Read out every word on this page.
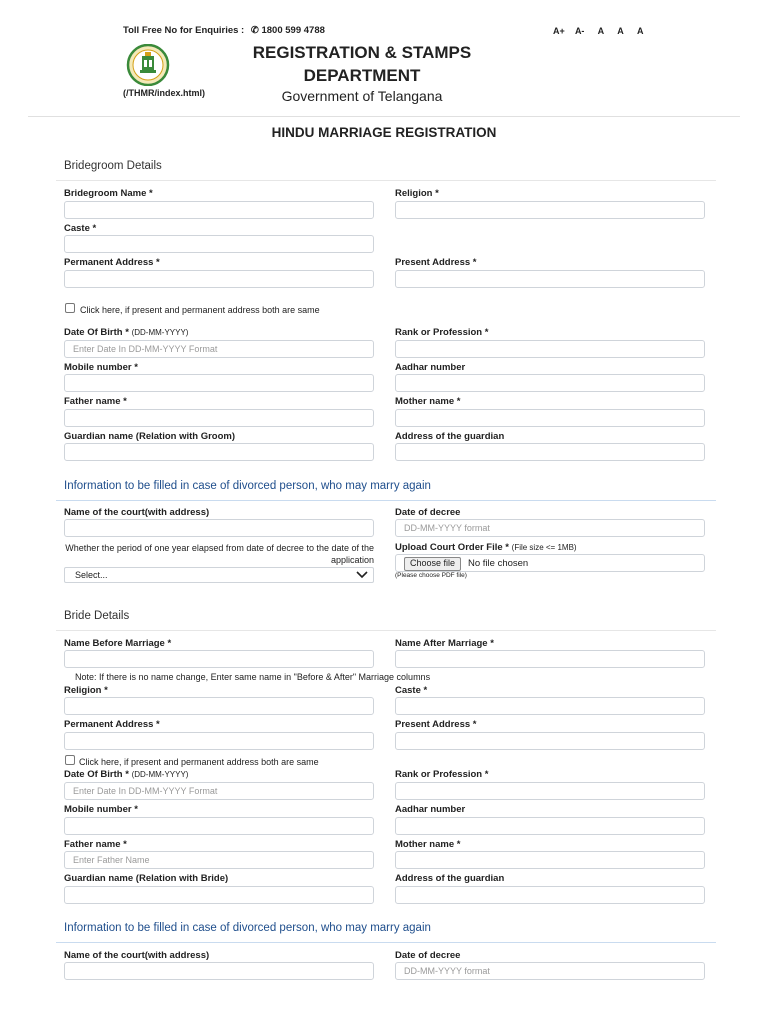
Toll Free No for Enquiries : ✆ 1800 599 4788	A+ A- A A A
(/THMR/index.html)
REGISTRATION & STAMPS
DEPARTMENT
Government of Telangana
HINDU MARRIAGE REGISTRATION
Bridegroom Details
Bridegroom Name *	Religion *
Caste *
Permanent Address *	Present Address *
Click here, if present and permanent address both are same
Date Of Birth * (DD-MM-YYYY)	Rank or Profession *
Enter Date In DD-MM-YYYY Format
Mobile number *	Aadhar number
Father name *	Mother name *
Guardian name (Relation with Groom)	Address of the guardian
Information to be filled in case of divorced person, who may marry again
Name of the court(with address)	Date of decree
DD-MM-YYYY format
Whether the period of one year elapsed from date of decree to the date of the application
Select...
Upload Court Order File * (File size <= 1MB)
Choose file	No file chosen
(Please choose PDF file)
Bride Details
Name Before Marriage *	Name After Marriage *
Note: If there is no name change, Enter same name in "Before & After" Marriage columns
Religion *	Caste *
Permanent Address *	Present Address *
Click here, if present and permanent address both are same
Date Of Birth * (DD-MM-YYYY)	Rank or Profession *
Enter Date In DD-MM-YYYY Format
Mobile number *	Aadhar number
Father name *	Mother name *
Enter Father Name
Guardian name (Relation with Bride)	Address of the guardian
Information to be filled in case of divorced person, who may marry again
Name of the court(with address)	Date of decree
DD-MM-YYYY format
